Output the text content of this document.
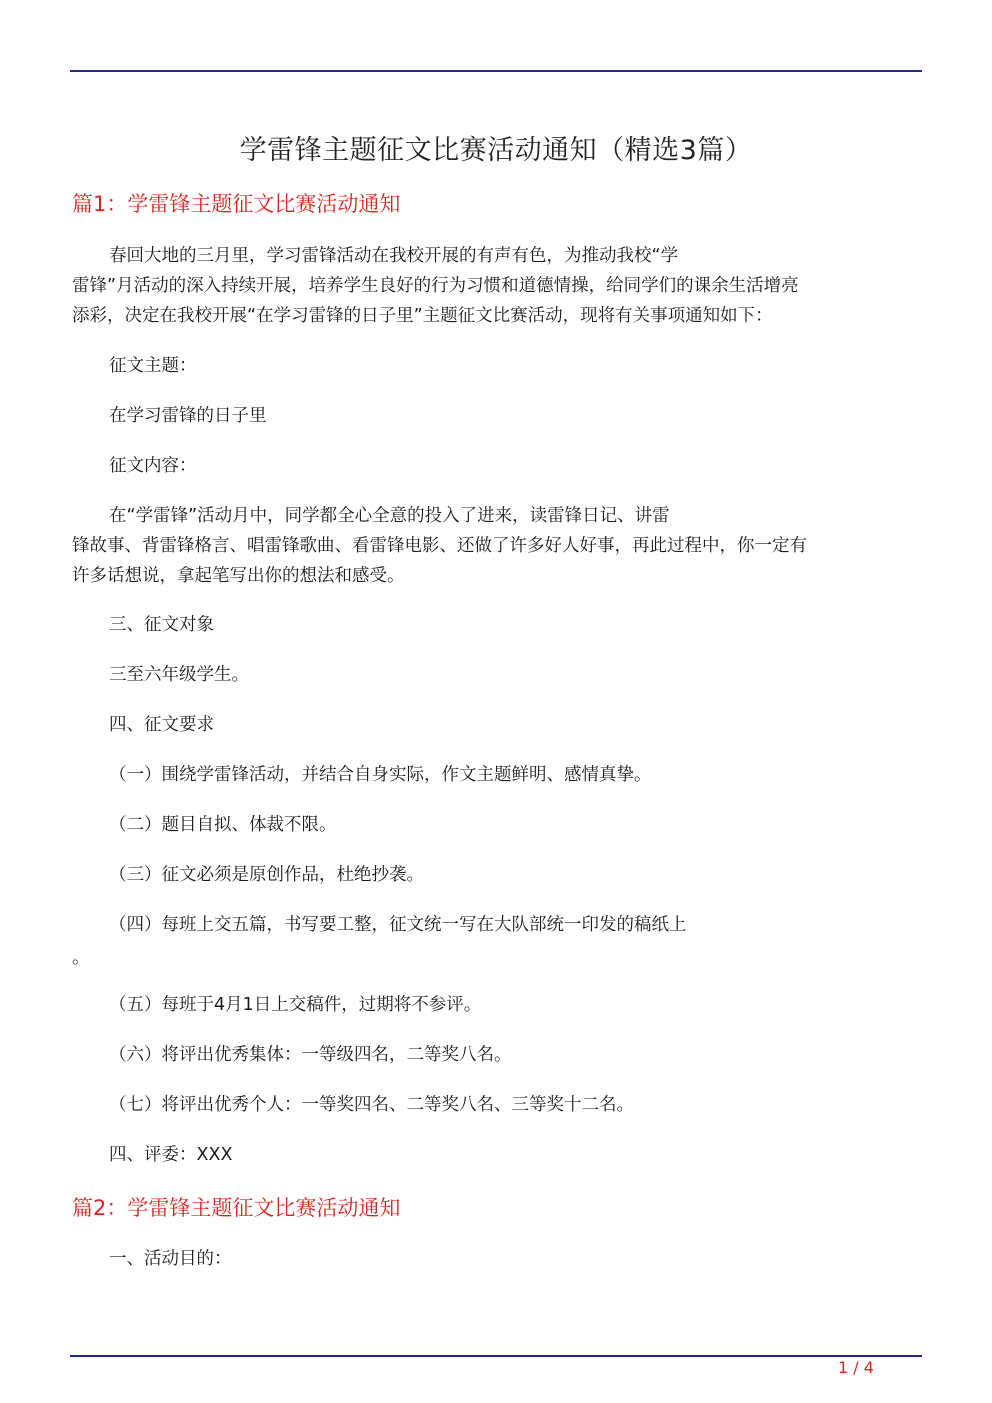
学雷锋主题征文比赛活动通知（精选3篇）
篇1：学雷锋主题征文比赛活动通知
春回大地的三月里，学习雷锋活动在我校开展的有声有色，为推动我校“学
雷锋”月活动的深入持续开展，培养学生良好的行为习惯和道德情操，给同学们的课余生活增亮
添彩，决定在我校开展“在学习雷锋的日子里”主题征文比赛活动，现将有关事项通知如下：
征文主题：
在学习雷锋的日子里
征文内容：
在“学雷锋”活动月中，同学都全心全意的投入了进来，读雷锋日记、讲雷
锋故事、背雷锋格言、唱雷锋歌曲、看雷锋电影、还做了许多好人好事，再此过程中，你一定有
许多话想说，拿起笔写出你的想法和感受。
三、征文对象
三至六年级学生。
四、征文要求
（一）围绕学雷锋活动，并结合自身实际，作文主题鲜明、感情真挚。
（二）题目自拟、体裁不限。
（三）征文必须是原创作品，杜绝抄袭。
（四）每班上交五篇，书写要工整，征文统一写在大队部统一印发的稿纸上
。
（五）每班于4月1日上交稿件，过期将不参评。
（六）将评出优秀集体：一等级四名，二等奖八名。
（七）将评出优秀个人：一等奖四名、二等奖八名、三等奖十二名。
四、评委：XXX
篇2：学雷锋主题征文比赛活动通知
一、活动目的：
1 / 4
